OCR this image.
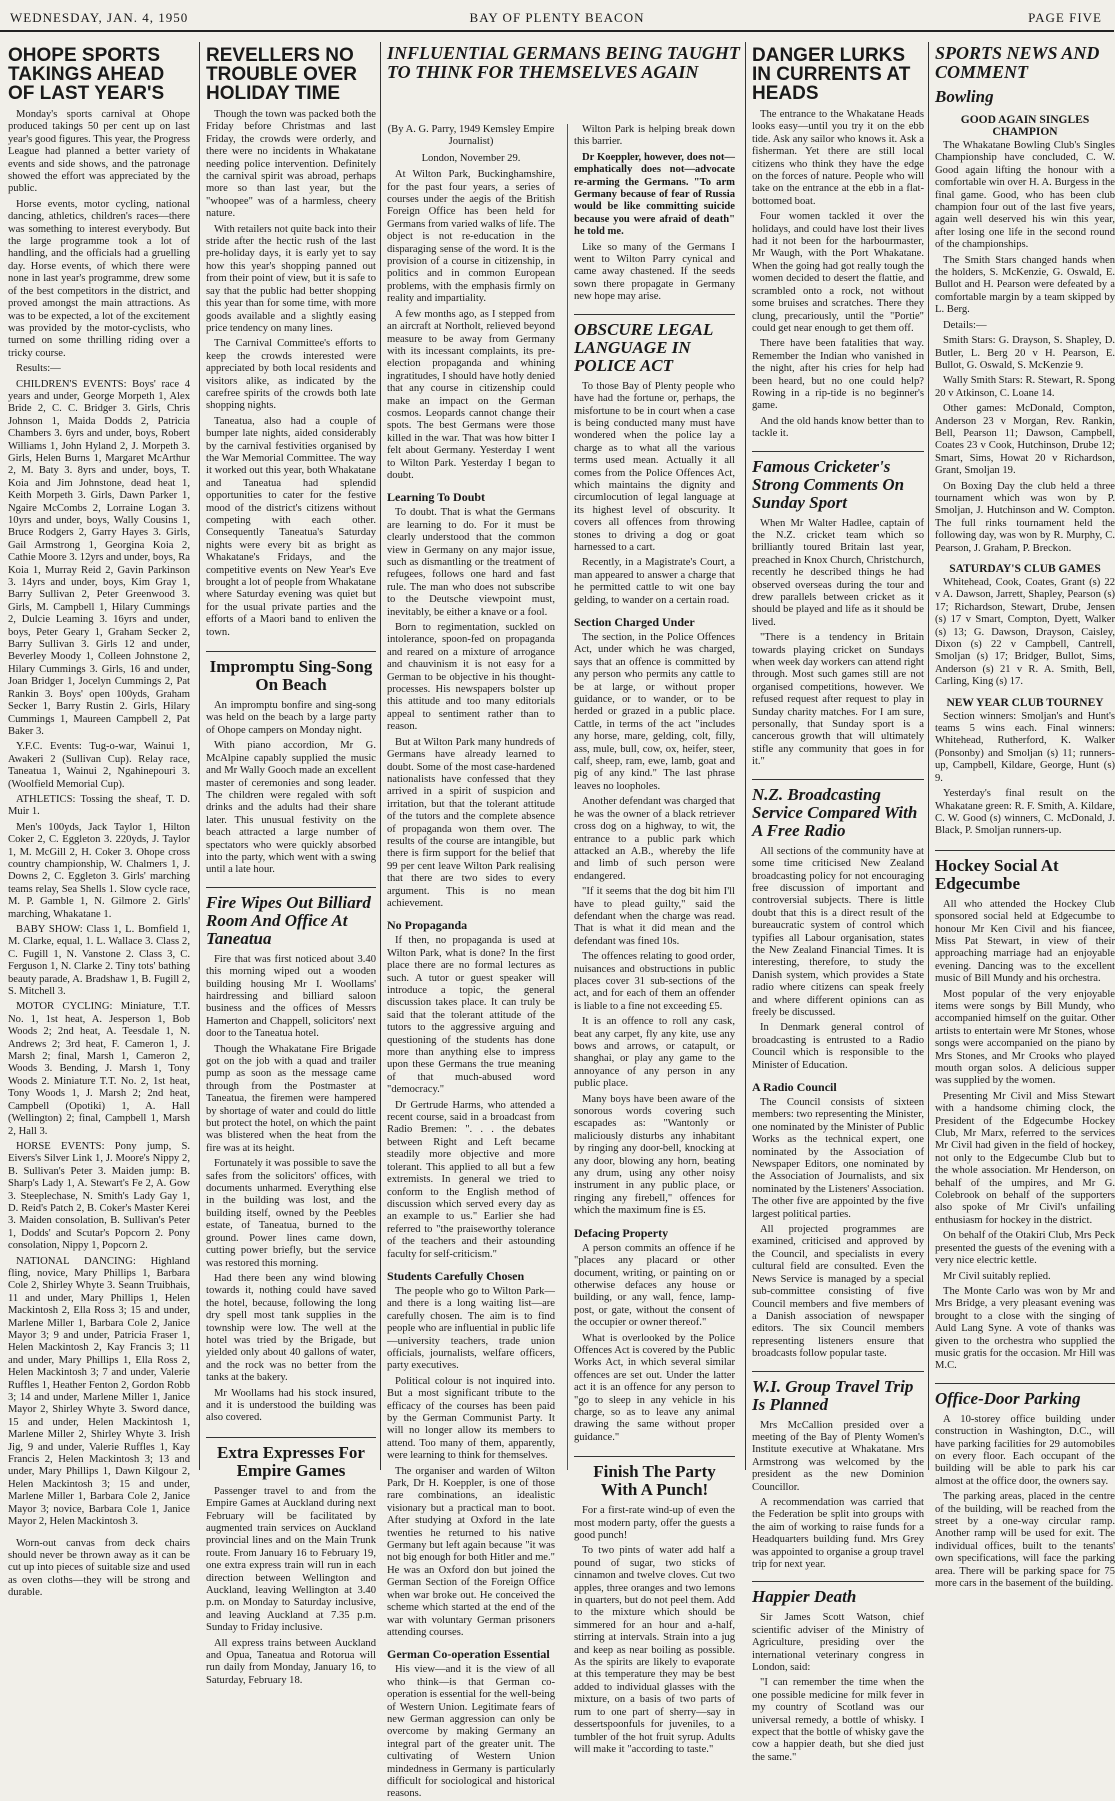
WEDNESDAY, JAN. 4, 1950	BAY OF PLENTY BEACON	PAGE FIVE
OHOPE SPORTS TAKINGS AHEAD OF LAST YEAR'S

Monday's sports carnival at Ohope produced takings 50 per cent up on last year's good figures. This year, the Progress League had planned a better variety of events and side shows, and the patronage showed the effort was appreciated by the public.

Horse events, motor cycling, national dancing, athletics, children's races—there was something to interest everybody. But the large programme took a lot of handling, and the officials had a gruelling day. Horse events, of which there were none in last year's programme, drew some of the best competitors in the district, and proved amongst the main attractions. As was to be expected, a lot of the excitement was provided by the motor-cyclists, who turned on some thrilling riding over a tricky course.

Results:—

CHILDREN'S EVENTS: Boys' race 4 years and under, George Morpeth 1, Alex Bride 2, C. C. Bridger 3. Girls, Chris Johnson 1, Maida Dodds 2, Patricia Chambers 3. 6yrs and under, boys, Robert Williams 1, John Hyland 2, J. Morpeth 3. Girls, Helen Burns 1, Margaret McArthur 2, M. Baty 3. 8yrs and under, boys, T. Koia and Jim Johnstone, dead heat 1, Keith Morpeth 3. Girls, Dawn Parker 1, Ngaire McCombs 2, Lorraine Logan 3. 10yrs and under, boys, Wally Cousins 1, Bruce Rodgers 2, Garry Hayes 3. Girls, Gail Armstrong 1, Georgina Koia 2, Cathie Moore 3. 12yrs and under, boys, Ra Koia 1, Murray Reid 2, Gavin Parkinson 3. 14yrs and under, boys, Kim Gray 1, Barry Sullivan 2, Peter Greenwood 3. Girls, M. Campbell 1, Hilary Cummings 2, Dulcie Leaming 3. 16yrs and under, boys, Peter Geary 1, Graham Secker 2, Barry Sullivan 3. Girls 12 and under, Beverley Moody 1, Colleen Johnstone 2, Hilary Cummings 3. Girls, 16 and under, Joan Bridger 1, Jocelyn Cummings 2, Pat Rankin 3. Boys' open 100yds, Graham Secker 1, Barry Rustin 2. Girls, Hilary Cummings 1, Maureen Campbell 2, Pat Baker 3.

Y.F.C. Events: Tug-o-war, Wainui 1, Awakeri 2 (Sullivan Cup). Relay race, Taneatua 1, Wainui 2, Ngahinepouri 3. (Woolfield Memorial Cup).

ATHLETICS: Tossing the sheaf, T. D. Muir 1.

Men's 100yds, Jack Taylor 1, Hilton Coker 2, C. Eggleton 3. 220yds, J. Taylor 1, M. McGill 2, H. Coker 3. Ohope cross country championship, W. Chalmers 1, J. Downs 2, C. Eggleton 3. Girls' marching teams relay, Sea Shells 1. Slow cycle race, M. P. Gamble 1, N. Gilmore 2. Girls' marching, Whakatane 1.

BABY SHOW: Class 1, L. Bomfield 1, M. Clarke, equal, 1. L. Wallace 3. Class 2, C. Fugill 1, N. Vanstone 2. Class 3, C. Ferguson 1, N. Clarke 2. Tiny tots' bathing beauty parade, A. Bradshaw 1, B. Fugill 2, S. Mitchell 3.

MOTOR CYCLING: Miniature, T.T. No. 1, 1st heat, A. Jesperson 1, Bob Woods 2; 2nd heat, A. Teesdale 1, N. Andrews 2; 3rd heat, F. Cameron 1, J. Marsh 2; final, Marsh 1, Cameron 2, Woods 3. Bending, J. Marsh 1, Tony Woods 2. Miniature T.T. No. 2, 1st heat, Tony Woods 1, J. Marsh 2; 2nd heat, Campbell (Opotiki) 1, A. Hall (Wellington) 2; final, Campbell 1, Marsh 2, Hall 3.

HORSE EVENTS: Pony jump, S. Eivers's Silver Link 1, J. Moore's Nippy 2, B. Sullivan's Peter 3. Maiden jump: B. Sharp's Lady 1, A. Stewart's Fe 2, A. Gow 3. Steeplechase, N. Smith's Lady Gay 1, D. Reid's Patch 2, B. Coker's Master Kerei 3. Maiden consolation, B. Sullivan's Peter 1, Dodds' and Scutar's Popcorn 2. Pony consolation, Nippy 1, Popcorn 2.

NATIONAL DANCING: Highland fling, novice, Mary Phillips 1, Barbara Cole 2, Shirley Whyte 3. Seann Truibhais, 11 and under, Mary Phillips 1, Helen Mackintosh 2, Ella Ross 3; 15 and under, Marlene Miller 1, Barbara Cole 2, Janice Mayor 3; 9 and under, Patricia Fraser 1, Helen Mackintosh 2, Kay Francis 3; 11 and under, Mary Phillips 1, Ella Ross 2, Helen Mackintosh 3; 7 and under, Valerie Ruffles 1, Heather Fenton 2, Gordon Robb 3; 14 and under, Marlene Miller 1, Janice Mayor 2, Shirley Whyte 3. Sword dance, 15 and under, Helen Mackintosh 1, Marlene Miller 2, Shirley Whyte 3. Irish Jig, 9 and under, Valerie Ruffles 1, Kay Francis 2, Helen Mackintosh 3; 13 and under, Mary Phillips 1, Dawn Kilgour 2, Helen Mackintosh 3; 15 and under, Marlene Miller 1, Barbara Cole 2, Janice Mayor 3; novice, Barbara Cole 1, Janice Mayor 2, Helen Mackintosh 3.

Worn-out canvas from deck chairs should never be thrown away as it can be cut up into pieces of suitable size and used as oven cloths—they will be strong and durable.

REVELLERS NO TROUBLE OVER HOLIDAY TIME

Though the town was packed both the Friday before Christmas and last Friday, the crowds were orderly, and there were no incidents in Whakatane needing police intervention. Definitely the carnival spirit was abroad, perhaps more so than last year, but the "whoopee" was of a harmless, cheery nature.

With retailers not quite back into their stride after the hectic rush of the last pre-holiday days, it is early yet to say how this year's shopping panned out from their point of view, but it is safe to say that the public had better shopping this year than for some time, with more goods available and a slightly easing price tendency on many lines.

The Carnival Committee's efforts to keep the crowds interested were appreciated by both local residents and visitors alike, as indicated by the carefree spirits of the crowds both late shopping nights.

Taneatua, also had a couple of bumper late nights, aided considerably by the carnival festivities organised by the War Memorial Committee. The way it worked out this year, both Whakatane and Taneatua had splendid opportunities to cater for the festive mood of the district's citizens without competing with each other. Consequently Taneatua's Saturday nights were every bit as bright as Whakatane's Fridays, and the competitive events on New Year's Eve brought a lot of people from Whakatane where Saturday evening was quiet but for the usual private parties and the efforts of a Maori band to enliven the town.

Impromptu Sing-Song On Beach

An impromptu bonfire and sing-song was held on the beach by a large party of Ohope campers on Monday night.

With piano accordion, Mr G. McAlpine capably supplied the music and Mr Wally Gooch made an excellent master of ceremonies and song leader. The children were regaled with soft drinks and the adults had their share later. This unusual festivity on the beach attracted a large number of spectators who were quickly absorbed into the party, which went with a swing until a late hour.

Fire Wipes Out Billiard Room And Office At Taneatua

Fire that was first noticed about 3.40 this morning wiped out a wooden building housing Mr I. Woollams' hairdressing and billiard saloon business and the offices of Messrs Hamerton and Chappell, solicitors' next door to the Taneatua hotel.

Though the Whakatane Fire Brigade got on the job with a quad and trailer pump as soon as the message came through from the Postmaster at Taneatua, the firemen were hampered by shortage of water and could do little but protect the hotel, on which the paint was blistered when the heat from the fire was at its height.

Fortunately it was possible to save the safes from the solicitors' offices, with documents unharmed. Everything else in the building was lost, and the building itself, owned by the Peebles estate, of Taneatua, burned to the ground. Power lines came down, cutting power briefly, but the service was restored this morning.

Had there been any wind blowing towards it, nothing could have saved the hotel, because, following the long dry spell most tank supplies in the township were low. The well at the hotel was tried by the Brigade, but yielded only about 40 gallons of water, and the rock was no better from the tanks at the bakery.

Mr Woollams had his stock insured, and it is understood the building was also covered.

Extra Expresses For Empire Games

Passenger travel to and from the Empire Games at Auckland during next February will be facilitated by augmented train services on Auckland provincial lines and on the Main Trunk route. From January 16 to February 19, one extra express train will run in each direction between Wellington and Auckland, leaving Wellington at 3.40 p.m. on Monday to Saturday inclusive, and leaving Auckland at 7.35 p.m. Sunday to Friday inclusive.

All express trains between Auckland and Opua, Taneatua and Rotorua will run daily from Monday, January 16, to Saturday, February 18.

INFLUENTIAL GERMANS BEING TAUGHT TO THINK FOR THEMSELVES AGAIN
(By A. G. Parry, 1949 Kemsley Empire Journalist)
London, November 29.

At Wilton Park, Buckinghamshire, for the past four years, a series of courses under the aegis of the British Foreign Office has been held for Germans from varied walks of life. The object is not re-education in the disparaging sense of the word. It is the provision of a course in citizenship, in politics and in common European problems, with the emphasis firmly on reality and impartiality.

A few months ago, as I stepped from an aircraft at Northolt, relieved beyond measure to be away from Germany with its incessant complaints, its pre-election propaganda and whining ingratitudes, I should have hotly denied that any course in citizenship could make an impact on the German cosmos. Leopards cannot change their spots. The best Germans were those killed in the war. That was how bitter I felt about Germany. Yesterday I went to Wilton Park. Yesterday I began to doubt.

Learning To Doubt

To doubt. That is what the Germans are learning to do. For it must be clearly understood that the common view in Germany on any major issue, such as dismantling or the treatment of refugees, follows one hard and fast rule. The man who does not subscribe to the Deutsche viewpoint must, inevitably, be either a knave or a fool.

Born to regimentation, suckled on intolerance, spoon-fed on propaganda and reared on a mixture of arrogance and chauvinism it is not easy for a German to be objective in his thought-processes. His newspapers bolster up this attitude and too many editorials appeal to sentiment rather than to reason.

But at Wilton Park many hundreds of Germans have already learned to doubt. Some of the most case-hardened nationalists have confessed that they arrived in a spirit of suspicion and irritation, but that the tolerant attitude of the tutors and the complete absence of propaganda won them over. The results of the course are intangible, but there is firm support for the belief that 99 per cent leave Wilton Park realising that there are two sides to every argument. This is no mean achievement.

No Propaganda

If then, no propaganda is used at Wilton Park, what is done? In the first place there are no formal lectures as such. A tutor or guest speaker will introduce a topic, the general discussion takes place. It can truly be said that the tolerant attitude of the tutors to the aggressive arguing and questioning of the students has done more than anything else to impress upon these Germans the true meaning of that much-abused word "democracy."

Dr Gertrude Harms, who attended a recent course, said in a broadcast from Radio Bremen: ". . . the debates between Right and Left became steadily more objective and more tolerant. This applied to all but a few extremists. In general we tried to conform to the English method of discussion which served every day as an example to us." Earlier she had referred to "the praiseworthy tolerance of the teachers and their astounding faculty for self-criticism."

Students Carefully Chosen

The people who go to Wilton Park—and there is a long waiting list—are carefully chosen. The aim is to find people who are influential in public life—university teachers, trade union officials, journalists, welfare officers, party executives.

Political colour is not inquired into. But a most significant tribute to the efficacy of the courses has been paid by the German Communist Party. It will no longer allow its members to attend. Too many of them, apparently, were learning to think for themselves.

The organiser and warden of Wilton Park, Dr H. Koeppler, is one of those rare combinations, an idealistic visionary but a practical man to boot. After studying at Oxford in the late twenties he returned to his native Germany but left again because "it was not big enough for both Hitler and me." He was an Oxford don but joined the German Section of the Foreign Office when war broke out. He conceived the scheme which started at the end of the war with voluntary German prisoners attending courses.

German Co-operation Essential

His view—and it is the view of all who think—is that German co-operation is essential for the well-being of Western Union. Legitimate fears of new German aggression can only be overcome by making Germany an integral part of the greater unit. The cultivating of Western Union mindedness in Germany is particularly difficult for sociological and historical reasons.

Wilton Park is helping break down this barrier.

Dr Koeppler, however, does not—emphatically does not—advocate re-arming the Germans. "To arm Germany because of fear of Russia would be like committing suicide because you were afraid of death" he told me.

Like so many of the Germans I went to Wilton Parry cynical and came away chastened. If the seeds sown there propagate in Germany new hope may arise.

OBSCURE LEGAL LANGUAGE IN POLICE ACT

To those Bay of Plenty people who have had the fortune or, perhaps, the misfortune to be in court when a case is being conducted many must have wondered when the police lay a charge as to what all the various terms used mean. Actually it all comes from the Police Offences Act, which maintains the dignity and circumlocution of legal language at its highest level of obscurity. It covers all offences from throwing stones to driving a dog or goat harnessed to a cart.

Recently, in a Magistrate's Court, a man appeared to answer a charge that he permitted cattle to wit one bay gelding, to wander on a certain road.

Section Charged Under

The section, in the Police Offences Act, under which he was charged, says that an offence is committed by any person who permits any cattle to be at large, or without proper guidance, or to wander, or to be herded or grazed in a public place. Cattle, in terms of the act "includes any horse, mare, gelding, colt, filly, ass, mule, bull, cow, ox, heifer, steer, calf, sheep, ram, ewe, lamb, goat and pig of any kind." The last phrase leaves no loopholes.

Another defendant was charged that he was the owner of a black retriever cross dog on a highway, to wit, the entrance to a public park which attacked an A.B., whereby the life and limb of such person were endangered.

"If it seems that the dog bit him I'll have to plead guilty," said the defendant when the charge was read. That is what it did mean and the defendant was fined 10s.

The offences relating to good order, nuisances and obstructions in public places cover 31 sub-sections of the act, and for each of them an offender is liable to a fine not exceeding £5.

It is an offence to roll any cask, beat any carpet, fly any kite, use any bows and arrows, or catapult, or shanghai, or play any game to the annoyance of any person in any public place.

Many boys have been aware of the sonorous words covering such escapades as: "Wantonly or maliciously disturbs any inhabitant by ringing any door-bell, knocking at any door, blowing any horn, beating any drum, using any other noisy instrument in any public place, or ringing any firebell," offences for which the maximum fine is £5.

Defacing Property

A person commits an offence if he "places any placard or other document, writing, or painting on or otherwise defaces any house or building, or any wall, fence, lamp-post, or gate, without the consent of the occupier or owner thereof."

What is overlooked by the Police Offences Act is covered by the Public Works Act, in which several similar offences are set out. Under the latter act it is an offence for any person to "go to sleep in any vehicle in his charge, so as to leave any animal drawing the same without proper guidance."

Finish The Party With A Punch!

For a first-rate wind-up of even the most modern party, offer the guests a good punch!

To two pints of water add half a pound of sugar, two sticks of cinnamon and twelve cloves. Cut two apples, three oranges and two lemons in quarters, but do not peel them. Add to the mixture which should be simmered for an hour and a-half, stirring at intervals. Strain into a jug and keep as near boiling as possible. As the spirits are likely to evaporate at this temperature they may be best added to individual glasses with the mixture, on a basis of two parts of rum to one part of sherry—say in dessertspoonfuls for juveniles, to a tumbler of the hot fruit syrup. Adults will make it "according to taste."

DANGER LURKS IN CURRENTS AT HEADS

The entrance to the Whakatane Heads looks easy—until you try it on the ebb tide. Ask any sailor who knows it. Ask a fisherman. Yet there are still local citizens who think they have the edge on the forces of nature. People who will take on the entrance at the ebb in a flat-bottomed boat.

Four women tackled it over the holidays, and could have lost their lives had it not been for the harbourmaster, Mr Waugh, with the Port Whakatane. When the going had got really tough the women decided to desert the flattie, and scrambled onto a rock, not without some bruises and scratches. There they clung, precariously, until the "Portie" could get near enough to get them off.

There have been fatalities that way. Remember the Indian who vanished in the night, after his cries for help had been heard, but no one could help? Rowing in a rip-tide is no beginner's game.

And the old hands know better than to tackle it.

Famous Cricketer's Strong Comments On Sunday Sport

When Mr Walter Hadlee, captain of the N.Z. cricket team which so brilliantly toured Britain last year, preached in Knox Church, Christchurch, recently he described things he had observed overseas during the tour and drew parallels between cricket as it should be played and life as it should be lived.

"There is a tendency in Britain towards playing cricket on Sundays when week day workers can attend right through. Most such games still are not organised competitions, however. We refused request after request to play in Sunday charity matches. For I am sure, personally, that Sunday sport is a cancerous growth that will ultimately stifle any community that goes in for it."

N.Z. Broadcasting Service Compared With A Free Radio

All sections of the community have at some time criticised New Zealand broadcasting policy for not encouraging free discussion of important and controversial subjects. There is little doubt that this is a direct result of the bureaucratic system of control which typifies all Labour organisation, states the New Zealand Financial Times. It is interesting, therefore, to study the Danish system, which provides a State radio where citizens can speak freely and where different opinions can as freely be discussed.

In Denmark general control of broadcasting is entrusted to a Radio Council which is responsible to the Minister of Education.

A Radio Council

The Council consists of sixteen members: two representing the Minister, one nominated by the Minister of Public Works as the technical expert, one nominated by the Association of Newspaper Editors, one nominated by the Association of Journalists, and six nominated by the Listeners' Association. The other five are appointed by the five largest political parties.

All projected programmes are examined, criticised and approved by the Council, and specialists in every cultural field are consulted. Even the News Service is managed by a special sub-committee consisting of five Council members and five members of a Danish association of newspaper editors. The six Council members representing listeners ensure that broadcasts follow popular taste.

W.I. Group Travel Trip Is Planned

Mrs McCallion presided over a meeting of the Bay of Plenty Women's Institute executive at Whakatane. Mrs Armstrong was welcomed by the president as the new Dominion Councillor.

A recommendation was carried that the Federation be split into groups with the aim of working to raise funds for a Headquarters building fund. Mrs Grey was appointed to organise a group travel trip for next year.

Happier Death

Sir James Scott Watson, chief scientific adviser of the Ministry of Agriculture, presiding over the international veterinary congress in London, said:

"I can remember the time when the one possible medicine for milk fever in my country of Scotland was our universal remedy, a bottle of whisky. I expect that the bottle of whisky gave the cow a happier death, but she died just the same."

SPORTS NEWS AND COMMENT
Bowling
GOOD AGAIN SINGLES CHAMPION

The Whakatane Bowling Club's Singles Championship have concluded, C. W. Good again lifting the honour with a comfortable win over H. A. Burgess in the final game. Good, who has been club champion four out of the last five years, again well deserved his win this year, after losing one life in the second round of the championships.

The Smith Stars changed hands when the holders, S. McKenzie, G. Oswald, E. Bullot and H. Pearson were defeated by a comfortable margin by a team skipped by L. Berg.

Details:—

Smith Stars: G. Drayson, S. Shapley, D. Butler, L. Berg 20 v H. Pearson, E. Bullot, G. Oswald, S. McKenzie 9.

Wally Smith Stars: R. Stewart, R. Spong 20 v Atkinson, C. Loane 14.

Other games: McDonald, Compton, Anderson 23 v Morgan, Rev. Rankin, Bell, Pearson 11; Dawson, Campbell, Coates 23 v Cook, Hutchinson, Drube 12; Smart, Sims, Howat 20 v Richardson, Grant, Smoljan 19.

On Boxing Day the club held a three tournament which was won by P. Smoljan, J. Hutchinson and W. Compton. The full rinks tournament held the following day, was won by R. Murphy, C. Pearson, J. Graham, P. Breckon.

SATURDAY'S CLUB GAMES

Whitehead, Cook, Coates, Grant (s) 22 v A. Dawson, Jarrett, Shapley, Pearson (s) 17; Richardson, Stewart, Drube, Jensen (s) 17 v Smart, Compton, Dyett, Walker (s) 13; G. Dawson, Drayson, Caisley, Dixon (s) 22 v Campbell, Cantrell, Smoljan (s) 17; Bridger, Bullot, Sims, Anderson (s) 21 v R. A. Smith, Bell, Carling, King (s) 17.

NEW YEAR CLUB TOURNEY

Section winners: Smoljan's and Hunt's teams 5 wins each. Final winners: Whitehead, Rutherford, K. Walker (Ponsonby) and Smoljan (s) 11; runners-up, Campbell, Kildare, George, Hunt (s) 9.

Yesterday's final result on the Whakatane green: R. F. Smith, A. Kildare, C. W. Good (s) winners, C. McDonald, J. Black, P. Smoljan runners-up.

Hockey Social At Edgecumbe

All who attended the Hockey Club sponsored social held at Edgecumbe to honour Mr Ken Civil and his fiancee, Miss Pat Stewart, in view of their approaching marriage had an enjoyable evening. Dancing was to the excellent music of Bill Mundy and his orchestra.

Most popular of the very enjoyable items were songs by Bill Mundy, who accompanied himself on the guitar. Other artists to entertain were Mr Stones, whose songs were accompanied on the piano by Mrs Stones, and Mr Crooks who played mouth organ solos. A delicious supper was supplied by the women.

Presenting Mr Civil and Miss Stewart with a handsome chiming clock, the President of the Edgecumbe Hockey Club, Mr Marx, referred to the services Mr Civil had given in the field of hockey, not only to the Edgecumbe Club but to the whole association. Mr Henderson, on behalf of the umpires, and Mr G. Colebrook on behalf of the supporters also spoke of Mr Civil's unfailing enthusiasm for hockey in the district.

On behalf of the Otakiri Club, Mrs Peck presented the guests of the evening with a very nice electric kettle.

Mr Civil suitably replied.

The Monte Carlo was won by Mr and Mrs Bridge, a very pleasant evening was brought to a close with the singing of Auld Lang Syne. A vote of thanks was given to the orchestra who supplied the music gratis for the occasion. Mr Hill was M.C.

Office-Door Parking

A 10-storey office building under construction in Washington, D.C., will have parking facilities for 29 automobiles on every floor. Each occupant of the building will be able to park his car almost at the office door, the owners say.

The parking areas, placed in the centre of the building, will be reached from the street by a one-way circular ramp. Another ramp will be used for exit. The individual offices, built to the tenants' own specifications, will face the parking area. There will be parking space for 75 more cars in the basement of the building.
